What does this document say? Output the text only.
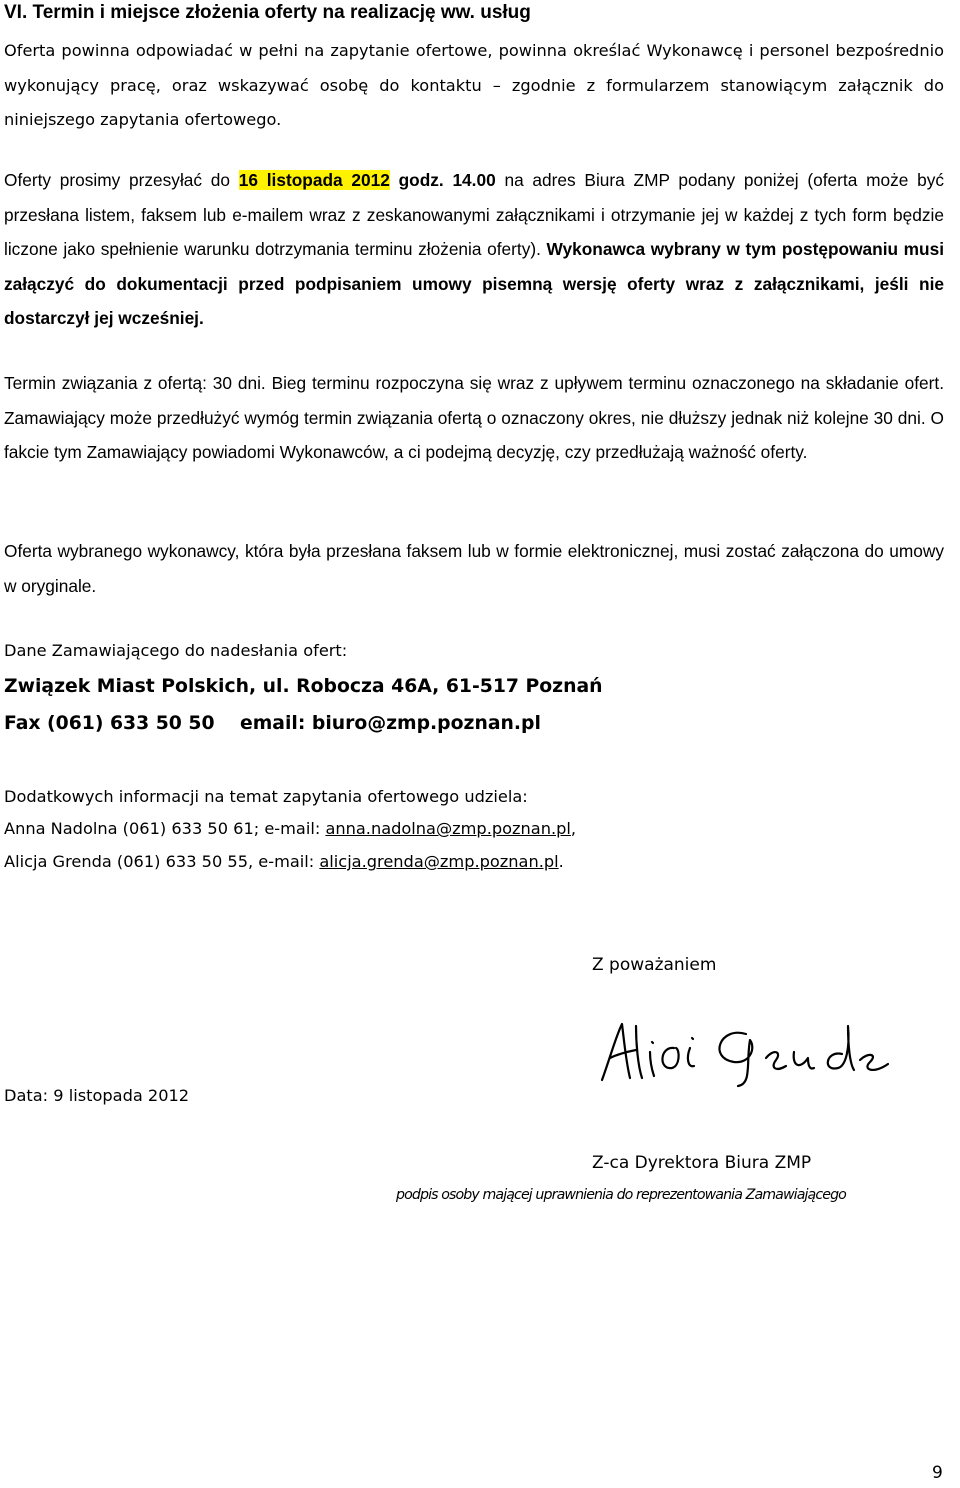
VI. Termin i miejsce złożenia oferty na realizację ww. usług

Oferta powinna odpowiadać w pełni na zapytanie ofertowe, powinna określać Wykonawcę i personel bezpośrednio wykonujący pracę, oraz wskazywać osobę do kontaktu – zgodnie z formularzem stanowiącym załącznik do niniejszego zapytania ofertowego.

Oferty prosimy przesyłać do 16 listopada 2012 godz. 14.00 na adres Biura ZMP podany poniżej (oferta może być przesłana listem, faksem lub e-mailem wraz z zeskanowanymi załącznikami i otrzymanie jej w każdej z tych form będzie liczone jako spełnienie warunku dotrzymania terminu złożenia oferty). Wykonawca wybrany w tym postępowaniu musi załączyć do dokumentacji przed podpisaniem umowy pisemną wersję oferty wraz z załącznikami, jeśli nie dostarczył jej wcześniej.

Termin związania z ofertą: 30 dni. Bieg terminu rozpoczyna się wraz z upływem terminu oznaczonego na składanie ofert. Zamawiający może przedłużyć wymóg termin związania ofertą o oznaczony okres, nie dłuższy jednak niż kolejne 30 dni. O fakcie tym Zamawiający powiadomi Wykonawców, a ci podejmą decyzję, czy przedłużają ważność oferty.

Oferta wybranego wykonawcy, która była przesłana faksem lub w formie elektronicznej, musi zostać załączona do umowy w oryginale.

Dane Zamawiającego do nadesłania ofert:
Związek Miast Polskich, ul. Robocza 46A, 61-517 Poznań
Fax (061) 633 50 50 email: biuro@zmp.poznan.pl
Dodatkowych informacji na temat zapytania ofertowego udziela:
Anna Nadolna (061) 633 50 61; e-mail: anna.nadolna@zmp.poznan.pl,
Alicja Grenda (061) 633 50 55, e-mail: alicja.grenda@zmp.poznan.pl.
Z poważaniem
Data: 9 listopada 2012
Z-ca Dyrektora Biura ZMP
podpis osoby mającej uprawnienia do reprezentowania Zamawiającego
9
